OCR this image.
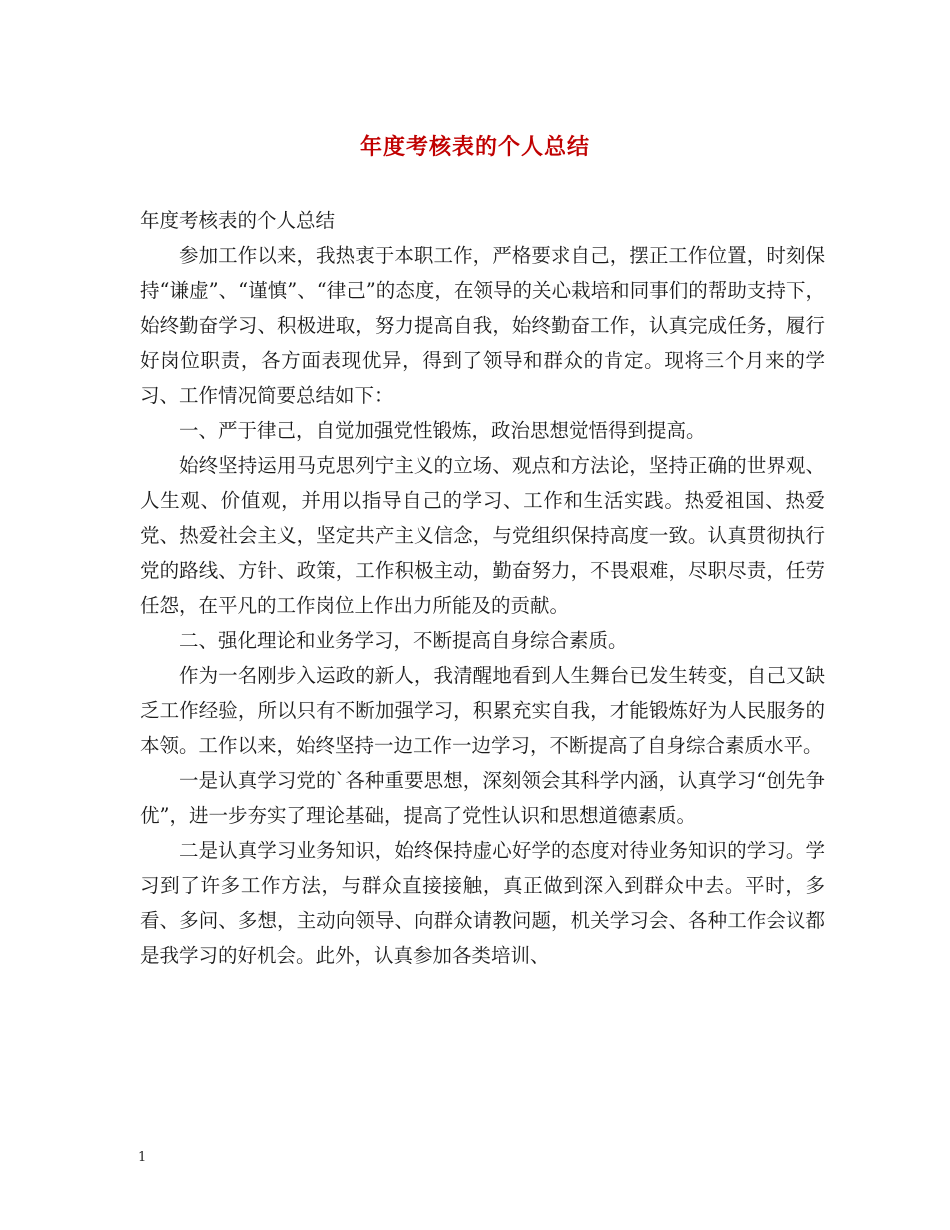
年度考核表的个人总结

年度考核表的个人总结

参加工作以来，我热衷于本职工作，严格要求自己，摆正工作位置，时刻保持“谦虚”、“谨慎”、“律己”的态度，在领导的关心栽培和同事们的帮助支持下，始终勤奋学习、积极进取，努力提高自我，始终勤奋工作，认真完成任务，履行好岗位职责，各方面表现优异，得到了领导和群众的肯定。现将三个月来的学习、工作情况简要总结如下：

一、严于律己，自觉加强党性锻炼，政治思想觉悟得到提高。

始终坚持运用马克思列宁主义的立场、观点和方法论，坚持正确的世界观、人生观、价值观，并用以指导自己的学习、工作和生活实践。热爱祖国、热爱党、热爱社会主义，坚定共产主义信念，与党组织保持高度一致。认真贯彻执行党的路线、方针、政策，工作积极主动，勤奋努力，不畏艰难，尽职尽责，任劳任怨，在平凡的工作岗位上作出力所能及的贡献。

二、强化理论和业务学习，不断提高自身综合素质。

作为一名刚步入运政的新人，我清醒地看到人生舞台已发生转变，自己又缺乏工作经验，所以只有不断加强学习，积累充实自我，才能锻炼好为人民服务的本领。工作以来，始终坚持一边工作一边学习，不断提高了自身综合素质水平。

一是认真学习党的`各种重要思想，深刻领会其科学内涵，认真学习“创先争优”，进一步夯实了理论基础，提高了党性认识和思想道德素质。

二是认真学习业务知识，始终保持虚心好学的态度对待业务知识的学习。学习到了许多工作方法，与群众直接接触，真正做到深入到群众中去。平时，多看、多问、多想，主动向领导、向群众请教问题，机关学习会、各种工作会议都是我学习的好机会。此外，认真参加各类培训、

1
